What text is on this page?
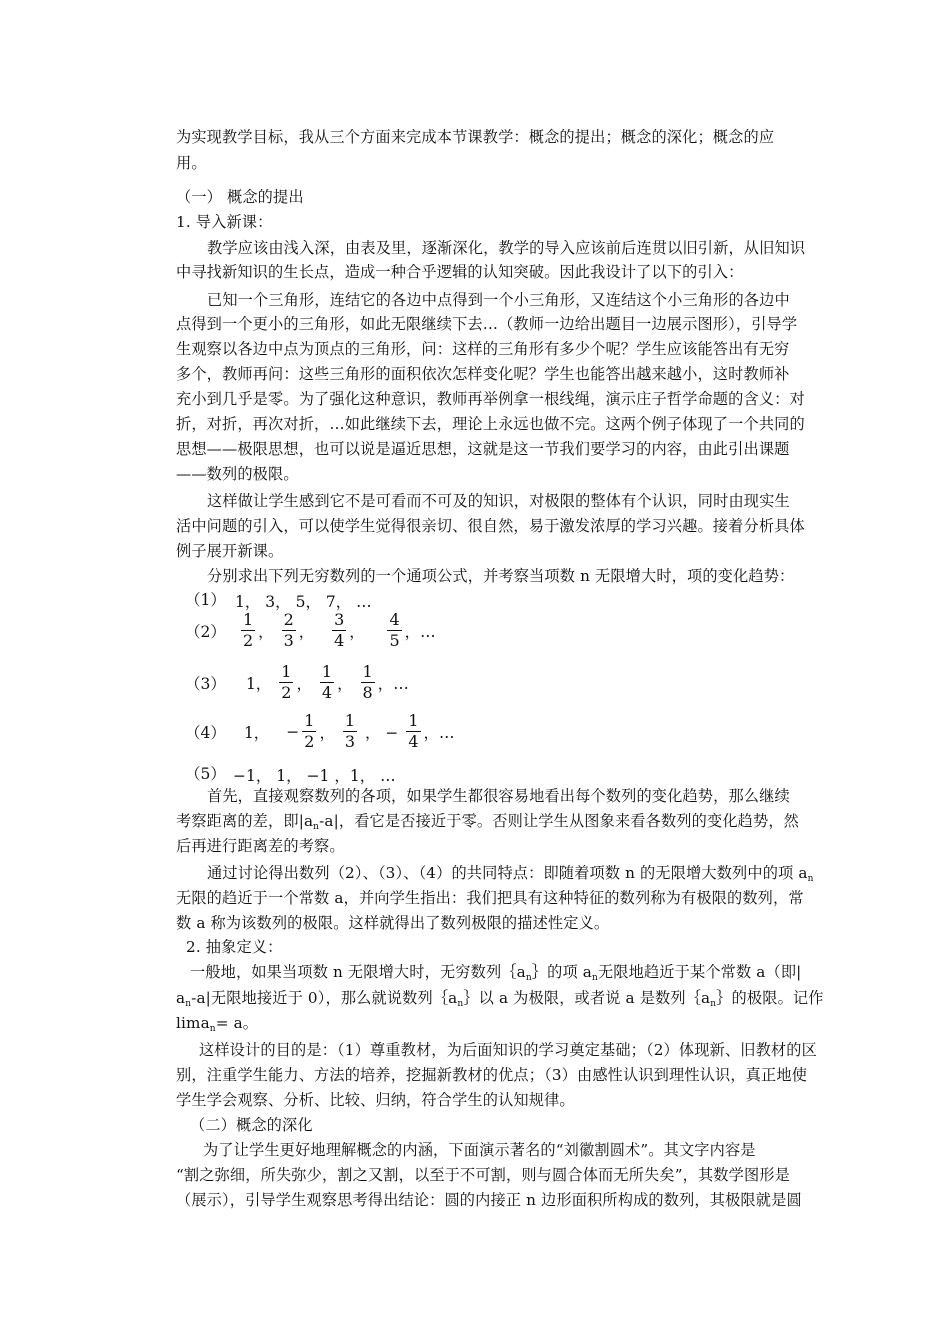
为实现教学目标，我从三个方面来完成本节课教学：概念的提出；概念的深化；概念的应
用。
（一） 概念的提出
1. 导入新课：
教学应该由浅入深，由表及里，逐渐深化，教学的导入应该前后连贯以旧引新，从旧知识
中寻找新知识的生长点，造成一种合乎逻辑的认知突破。因此我设计了以下的引入：
已知一个三角形，连结它的各边中点得到一个小三角形，又连结这个小三角形的各边中
点得到一个更小的三角形，如此无限继续下去…（教师一边给出题目一边展示图形），引导学
生观察以各边中点为顶点的三角形，问：这样的三角形有多少个呢？学生应该能答出有无穷
多个，教师再问：这些三角形的面积依次怎样变化呢？学生也能答出越来越小，这时教师补
充小到几乎是零。为了强化这种意识，教师再举例拿一根线绳，演示庄子哲学命题的含义：对
折，对折，再次对折，…如此继续下去，理论上永远也做不完。这两个例子体现了一个共同的
思想——极限思想，也可以说是逼近思想，这就是这一节我们要学习的内容，由此引出课题
——数列的极限。
这样做让学生感到它不是可看而不可及的知识，对极限的整体有个认识，同时由现实生
活中问题的引入，可以使学生觉得很亲切、很自然，易于激发浓厚的学习兴趣。接着分析具体
例子展开新课。
分别求出下列无穷数列的一个通项公式，并考察当项数 n 无限增大时，项的变化趋势：
（1） 1， 3， 5， 7， …
$(2) \frac{1}{2}$ ， $\frac{2}{3}$ ， $\frac{3}{4}$ ， $\frac{4}{5}$ ，…
（3） 1， $\frac{1}{2}$ ， $\frac{1}{4}$ ， $\frac{1}{8}$ ，…
（4） 1， − $\frac{1}{2}$ ， $\frac{1}{3}$ ， − $\frac{1}{4}$ ，…
（5） −1， 1， −1 ，1， …
首先，直接观察数列的各项，如果学生都很容易地看出每个数列的变化趋势，那么继续
考察距离的差，即|an-a|，看它是否接近于零。否则让学生从图象来看各数列的变化趋势，然
后再进行距离差的考察。
通过讨论得出数列（2）、（3）、（4）的共同特点：即随着项数 n 的无限增大数列中的项 an
无限的趋近于一个常数 a，并向学生指出：我们把具有这种特征的数列称为有极限的数列，常
数 a 称为该数列的极限。这样就得出了数列极限的描述性定义。
2. 抽象定义：
一般地，如果当项数 n 无限增大时，无穷数列｛an｝的项 an无限地趋近于某个常数 a（即|
an-a|无限地接近于 0），那么就说数列｛an｝以 a 为极限，或者说 a 是数列｛an｝的极限。记作
liman= a。
这样设计的目的是：（1）尊重教材，为后面知识的学习奠定基础；（2）体现新、旧教材的区
别，注重学生能力、方法的培养，挖掘新教材的优点；（3）由感性认识到理性认识，真正地使
学生学会观察、分析、比较、归纳，符合学生的认知规律。
（二）概念的深化
为了让学生更好地理解概念的内涵，下面演示著名的“刘徽割圆术”。其文字内容是
“割之弥细，所失弥少，割之又割，以至于不可割，则与圆合体而无所失矣”，其数学图形是
（展示），引导学生观察思考得出结论：圆的内接正 n 边形面积所构成的数列，其极限就是圆
